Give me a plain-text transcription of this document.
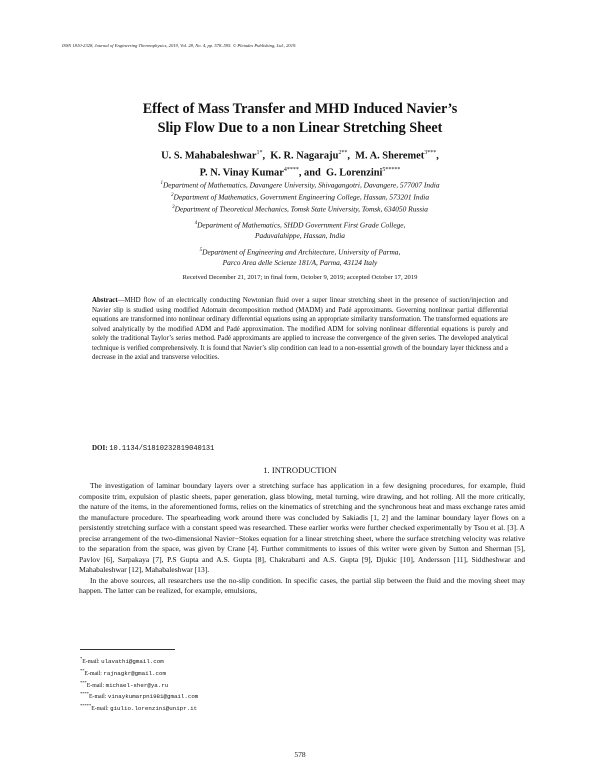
ISSN 1810-2328, Journal of Engineering Thermophysics, 2019, Vol. 28, No. 4, pp. 578–595. © Pleiades Publishing, Ltd., 2019.
Effect of Mass Transfer and MHD Induced Navier’s
Slip Flow Due to a non Linear Stretching Sheet
U. S. Mahabaleshwar$^{1*}$,  K. R. Nagaraju$^{2**}$,  M. A. Sheremet$^{3***}$,
P. N. Vinay Kumar$^{4****}$, and  G. Lorenzini$^{5*****}$
$^1$Department of Mathematics, Davangere University, Shivagangotri, Davangere, 577007 India
$^2$Department of Mathematics, Government Engineering College, Hassan, 573201 India
$^3$Department of Theoretical Mechanics, Tomsk State University, Tomsk, 634050 Russia
$^4$Department of Mathematics, SHDD Government First Grade College,
Paduvalahippe, Hassan, India
$^5$Department of Engineering and Architecture, University of Parma,
Parco Area delle Scienze 181/A, Parma, 43124 Italy
Received December 21, 2017; in final form, October 9, 2019; accepted October 17, 2019
Abstract—MHD flow of an electrically conducting Newtonian fluid over a super linear stretching sheet in the presence of suction/injection and Navier slip is studied using modified Adomain decomposition method (MADM) and Padé approximants. Governing nonlinear partial differential equations are transformed into nonlinear ordinary differential equations using an appropriate similarity transformation. The transformed equations are solved analytically by the modified ADM and Padé approximation. The modified ADM for solving nonlinear differential equations is purely and solely the traditional Taylor’s series method. Padé approximants are applied to increase the convergence of the given series. The developed analytical technique is verified comprehensively. It is found that Navier’s slip condition can lead to a non-essential growth of the boundary layer thickness and a decrease in the axial and transverse velocities.
DOI: 10.1134/S1810232819040131
1. INTRODUCTION

The investigation of laminar boundary layers over a stretching surface has application in a few designing procedures, for example, fluid composite trim, expulsion of plastic sheets, paper generation, glass blowing, metal turning, wire drawing, and hot rolling. All the more critically, the nature of the items, in the aforementioned forms, relies on the kinematics of stretching and the synchronous heat and mass exchange rates amid the manufacture procedure. The spearheading work around there was concluded by Sakiadis [1, 2] and the laminar boundary layer flows on a persistently stretching surface with a constant speed was researched. These earlier works were further checked experimentally by Tsou et al. [3]. A precise arrangement of the two-dimensional Navier−Stokes equation for a linear stretching sheet, where the surface stretching velocity was relative to the separation from the space, was given by Crane [4]. Further commitments to issues of this writer were given by Sutton and Sherman [5], Pavlov [6], Sarpakaya [7], P.S Gupta and A.S. Gupta [8], Chakrabarti and A.S. Gupta [9], Djukic [10], Andersson [11], Siddheshwar and Mahabaleshwar [12], Mahabaleshwar [13].

In the above sources, all researchers use the no-slip condition. In specific cases, the partial slip between the fluid and the moving sheet may happen. The latter can be realized, for example, emulsions,

*E-mail: ulavathi@gmail.com
**E-mail: rajnagkr@gmail.com
***E-mail: michael-sher@ya.ru
****E-mail: vinaykumarpn1981@gmail.com
*****E-mail: giulio.lorenzini@unipr.it
578
